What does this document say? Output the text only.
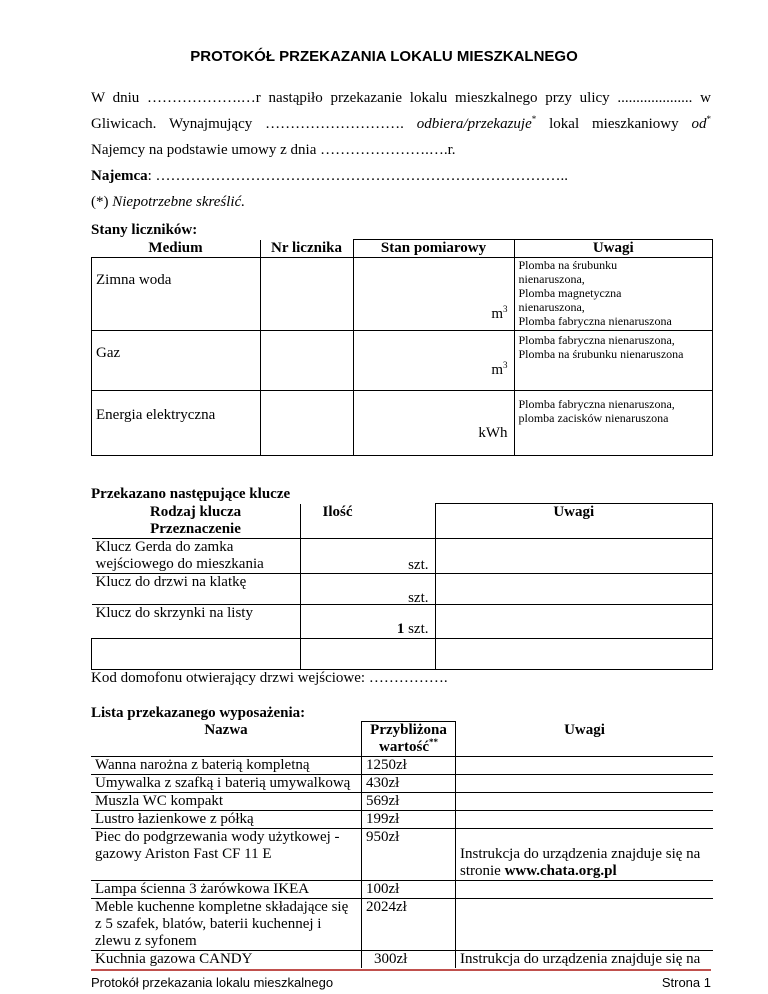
PROTOKÓŁ PRZEKAZANIA LOKALU MIESZKALNEGO
W dniu ……………….…r nastąpiło przekazanie lokalu mieszkalnego przy ulicy .................... w
Gliwicach. Wynajmujący ………………………. odbiera/przekazuje* lokal mieszkaniowy od*
Najemcy na podstawie umowy z dnia ………………….….r.
Najemca: ………………………………………………………………………..
(*) Niepotrzebne skreślić.
Stany liczników:
Medium	Nr licznika	Stan pomiarowy	Uwagi

Zimna woda		$m^3$	Plomba na śrubunku nienaruszona,
Plomba magnetyczna nienaruszona,
Plomba fabryczna nienaruszona

Gaz		$m^3$	Plomba fabryczna nienaruszona,
Plomba na śrubunku nienaruszona

Energia elektryczna		kWh	Plomba fabryczna nienaruszona,
plomba zacisków nienaruszona
Przekazano następujące klucze
Rodzaj klucza
Przeznaczenie	Ilość	Uwagi
Klucz Gerda do zamka wejściowego do mieszkania	szt.	

Klucz do drzwi na klatkę	szt.	

Klucz do skrzynki na listy	1 szt.	

Kod domofonu otwierający drzwi wejściowe: …………….
Lista przekazanego wyposażenia:
Nazwa	Przybliżona
wartość**	Uwagi
Wanna narożna z baterią kompletną	1250zł	
Umywalka z szafką i baterią umywalkową	430zł	
Muszla WC kompakt	569zł	
Lustro łazienkowe z półką	199zł	
Piec do podgrzewania wody użytkowej - gazowy Ariston Fast CF 11 E	950zł	Instrukcja do urządzenia znajduje się na stronie www.chata.org.pl
Lampa ścienna 3 żarówkowa IKEA	100zł	
Meble kuchenne kompletne składające się z 5 szafek, blatów, baterii kuchennej i zlewu z syfonem	2024zł	
Kuchnia gazowa CANDY	300zł	Instrukcja do urządzenia znajduje się na
Protokół przekazania lokalu mieszkalnego	Strona 1
